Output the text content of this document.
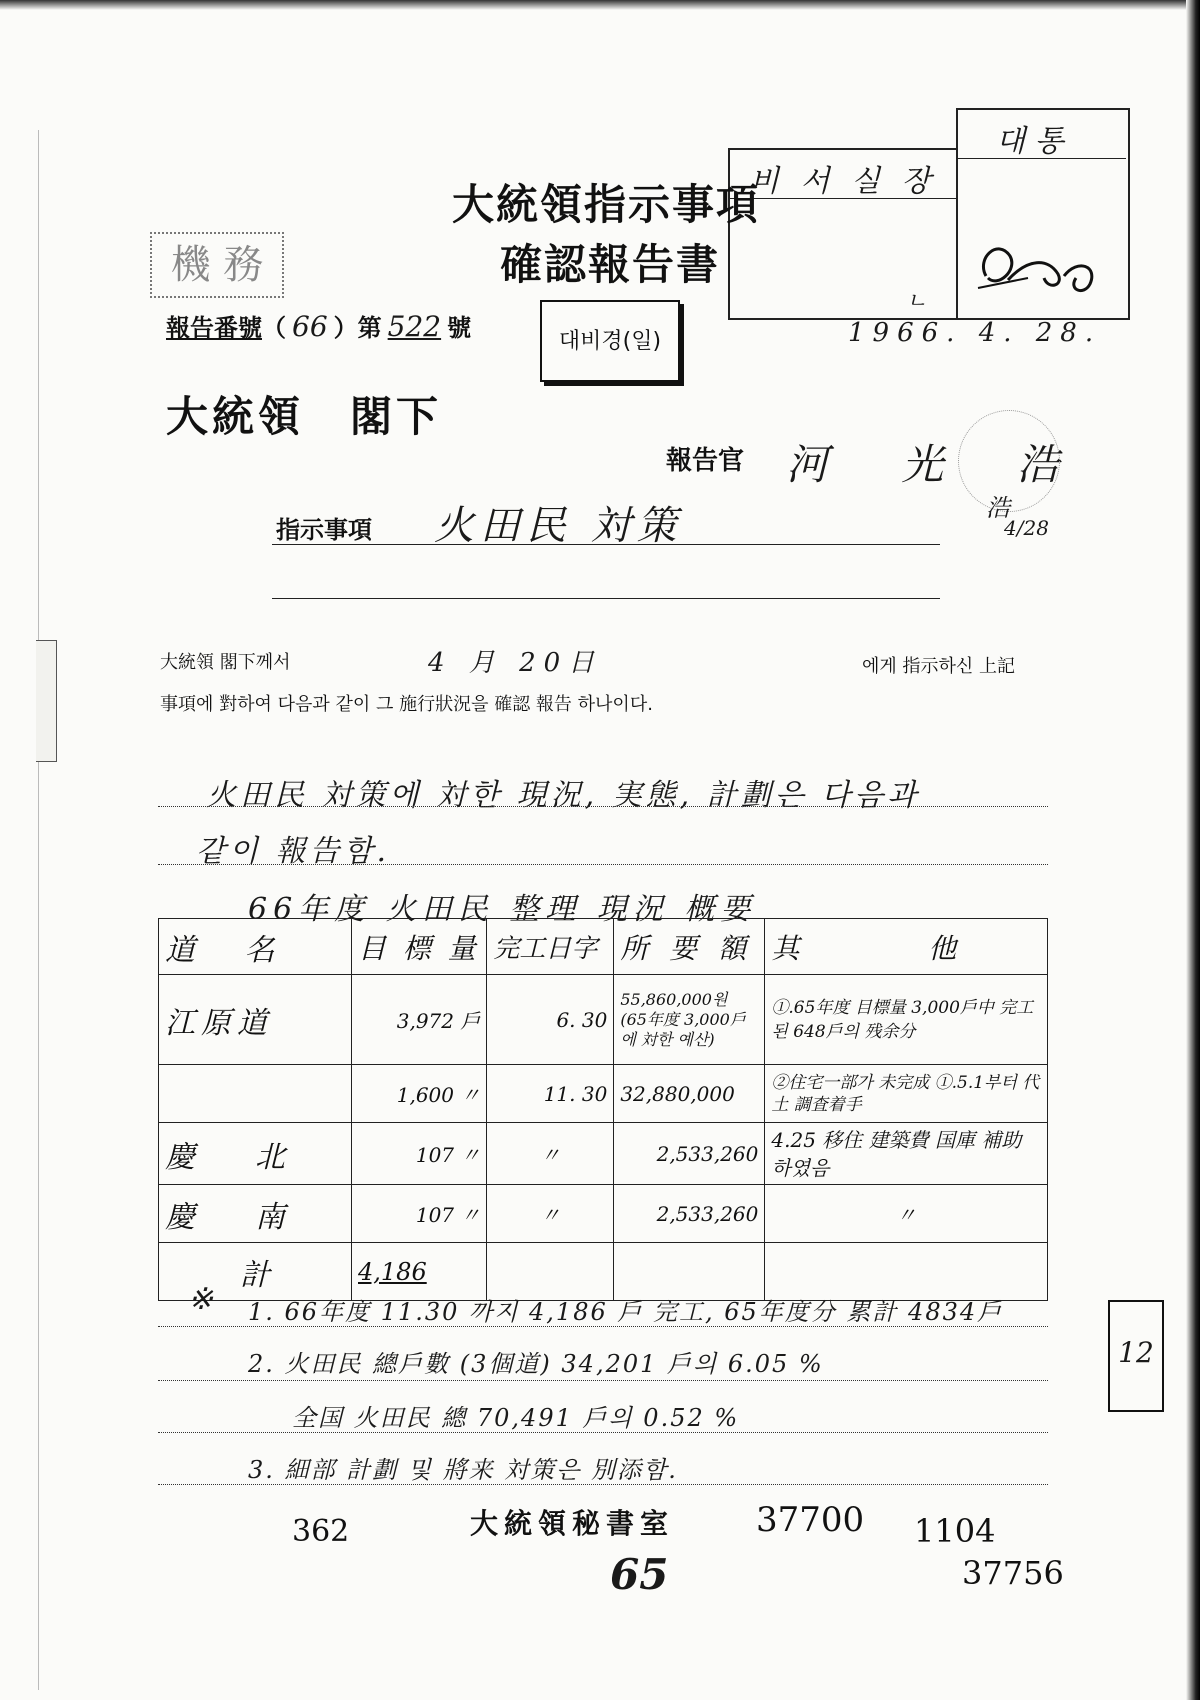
대 통
비 서 실 장
ㄴ
大統領指示事項
確認報告書
機 務
報告番號（ 66 ）第 522 號	대비경(일)	1966. 4. 28.
大統領　閣下
報告官 河 光 浩
浩
4/28
指示事項 火田民 対策
大統領 閣下께서	4 月 20日	에게 指示하신 上記
事項에 對하여 다음과 같이 그 施行狀況을 確認 報告 하나이다.
火田民 対策에 対한 現況, 実態, 計劃은 다음과
같이 報告함.
66年度 火田民 整理 現況 概要
道 名	目 標 量	完工日字	所 要 額	其 他
江原道	3,972 戶	6. 30	55,860,000원 (65年度 3,000戶에 対한 예산)	①.65年度 目標量 3,000戶中 完工된 648戶의 残余分
	1,600 〃	11. 30	32,880,000	②住宅一部가 未完成 ①.5.1부터 代土 調査着手
慶北	107 〃	〃	2,533,260	4.25 移住 建築費 国庫 補助 하였음
慶南	107 〃	〃	2,533,260	〃
計	4,186			
※ 1. 66年度 11.30 까지 4,186 戶 完工, 65年度分 累計 4834戶
2. 火田民 總戶數 (3個道) 34,201 戶의 6.05 %
全国 火田民 總 70,491 戶의 0.52 %
3. 細部 計劃 및 將来 対策은 別添함.
12
362	大統領秘書室 37700 1104
65	37756
